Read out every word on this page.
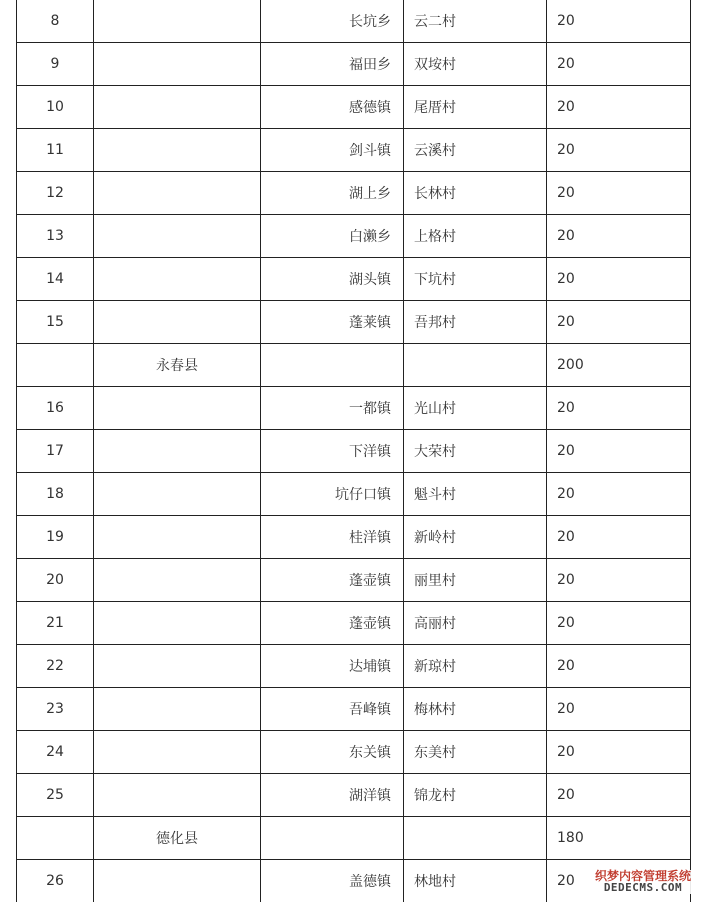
8		长坑乡	云二村	20
9		福田乡	双垵村	20
10		感德镇	尾厝村	20
11		剑斗镇	云溪村	20
12		湖上乡	长林村	20
13		白濑乡	上格村	20
14		湖头镇	下坑村	20
15		蓬莱镇	吾邦村	20
	永春县			200
16		一都镇	光山村	20
17		下洋镇	大荣村	20
18		坑仔口镇	魁斗村	20
19		桂洋镇	新岭村	20
20		蓬壶镇	丽里村	20
21		蓬壶镇	高丽村	20
22		达埔镇	新琼村	20
23		吾峰镇	梅林村	20
24		东关镇	东美村	20
25		湖洋镇	锦龙村	20
	德化县			180
26		盖德镇	林地村	20 织梦内容管理系统
DEDECMS.COM
